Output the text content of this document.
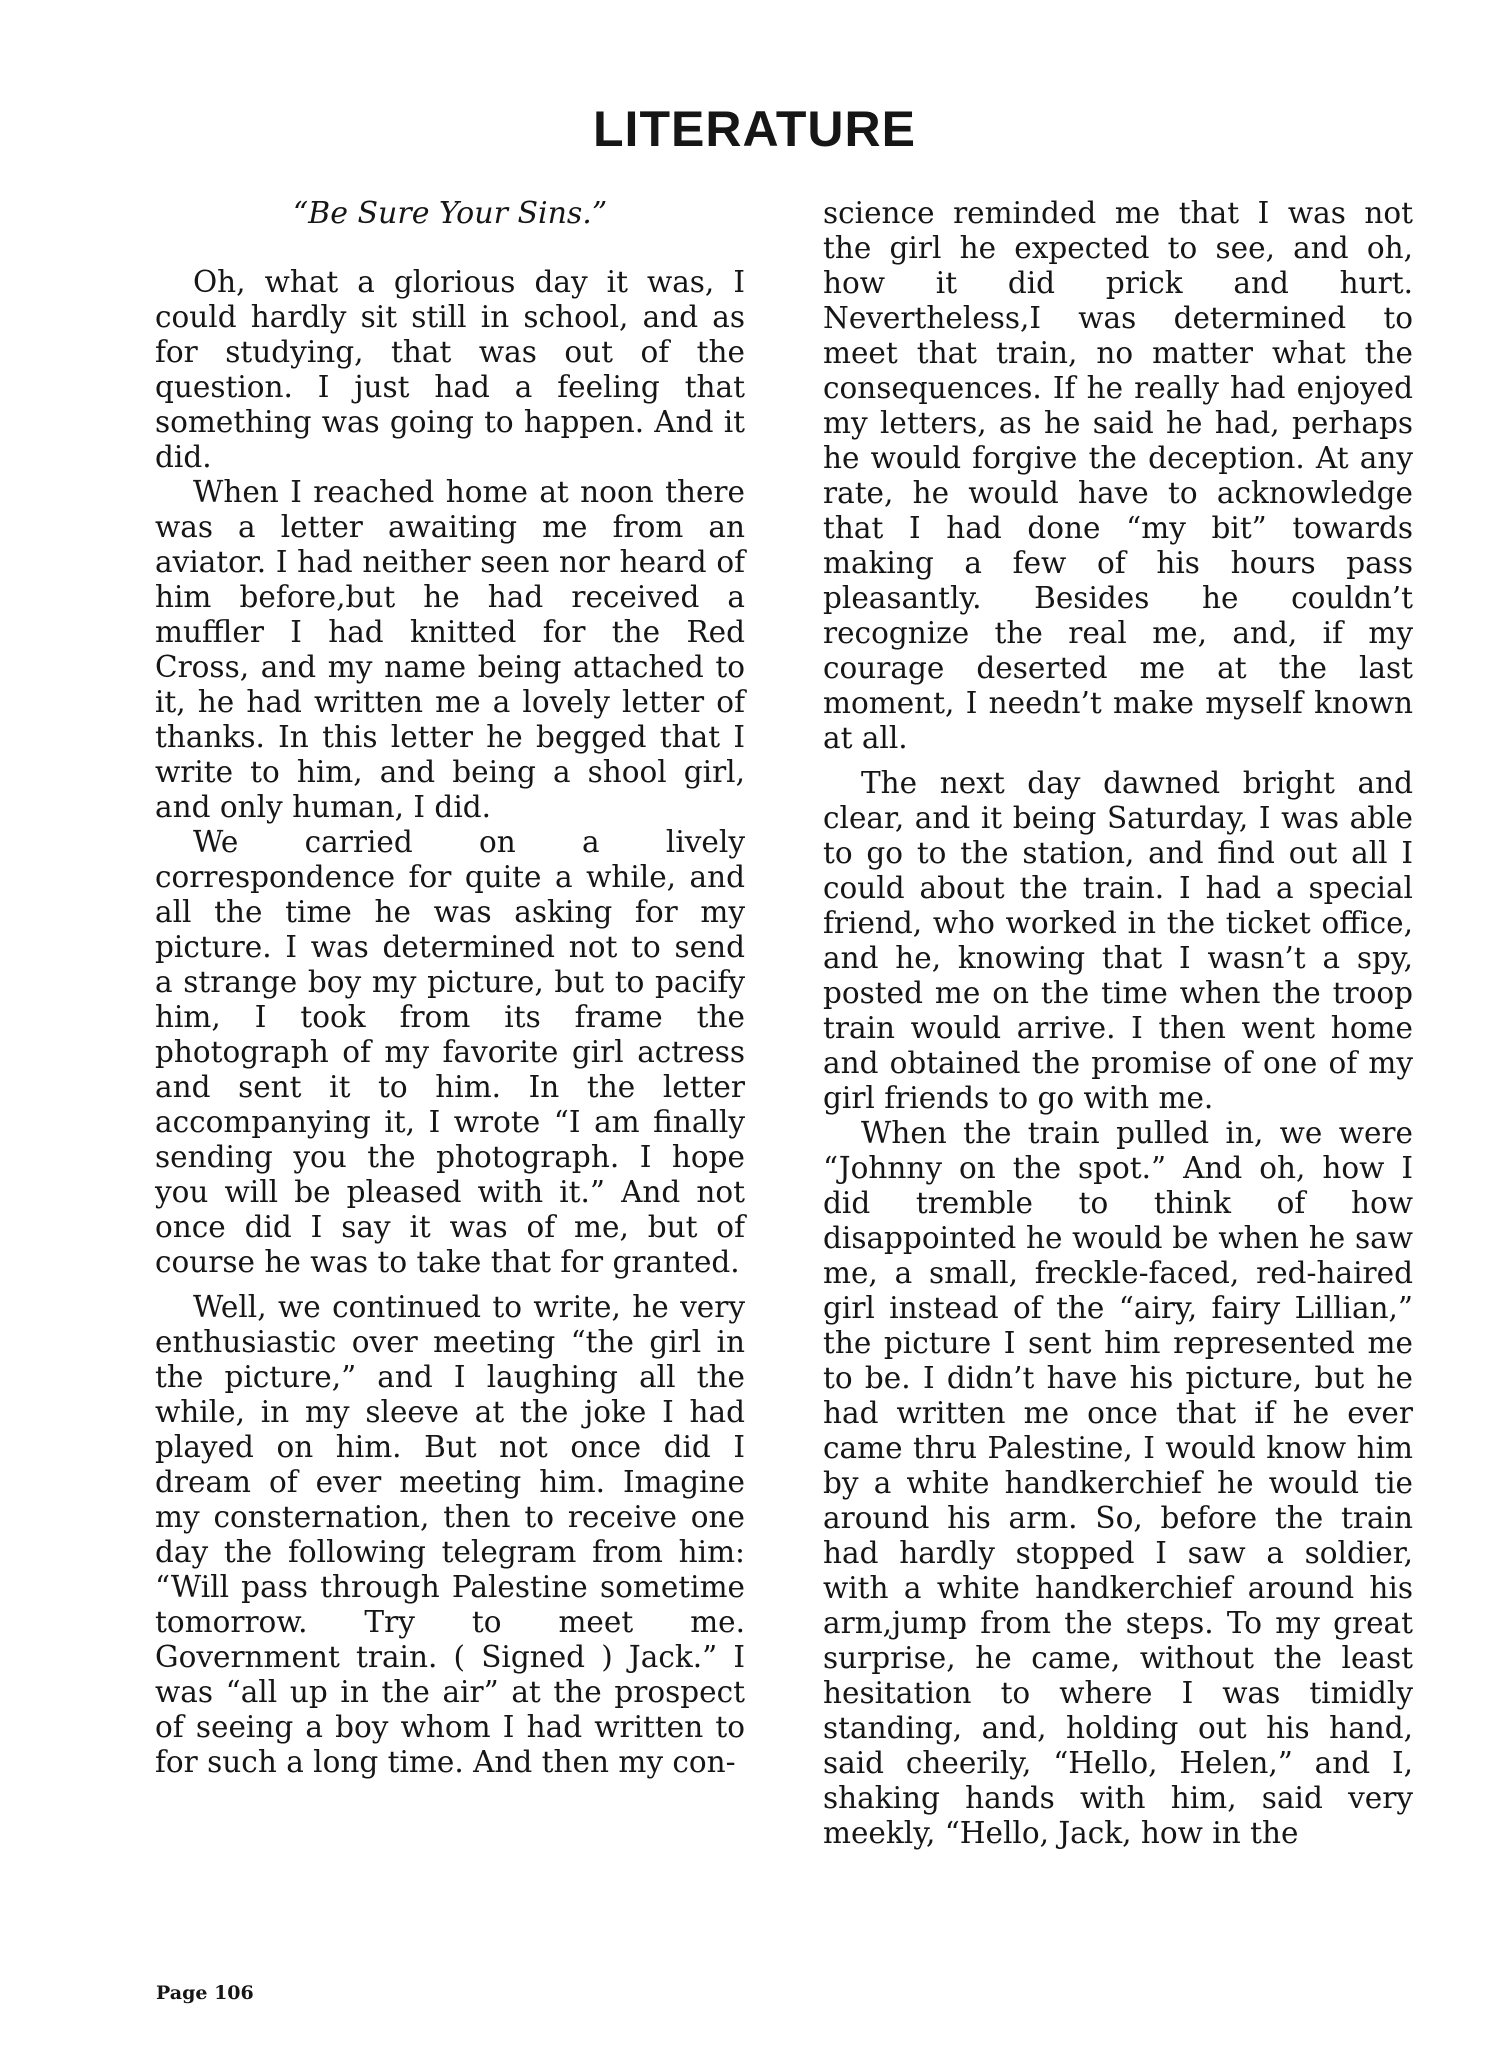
LITERATURE
“Be Sure Your Sins.”

Oh, what a glorious day it was, I could hardly sit still in school, and as for studying, that was out of the question. I just had a feeling that something was going to happen. And it did.

When I reached home at noon there was a letter awaiting me from an aviator. I had neither seen nor heard of him before,but he had received a muffler I had knitted for the Red Cross, and my name being attached to it, he had written me a lovely letter of thanks. In this letter he begged that I write to him, and being a shool girl, and only human, I did.

We carried on a lively correspondence for quite a while, and all the time he was asking for my picture. I was determined not to send a strange boy my picture, but to pacify him, I took from its frame the photograph of my favorite girl actress and sent it to him. In the letter accompanying it, I wrote “I am finally sending you the photograph. I hope you will be pleased with it.” And not once did I say it was of me, but of course he was to take that for granted.

Well, we continued to write, he very enthusiastic over meeting “the girl in the picture,” and I laughing all the while, in my sleeve at the joke I had played on him. But not once did I dream of ever meeting him. Imagine my consternation, then to receive one day the following telegram from him: “Will pass through Palestine sometime tomorrow. Try to meet me. Government train. ( Signed ) Jack.” I was “all up in the air” at the prospect of seeing a boy whom I had written to for such a long time. And then my con-

science reminded me that I was not the girl he expected to see, and oh, how it did prick and hurt. Nevertheless,I was determined to meet that train, no matter what the consequences. If he really had enjoyed my letters, as he said he had, perhaps he would forgive the deception. At any rate, he would have to acknowledge that I had done “my bit” towards making a few of his hours pass pleasantly. Besides he couldn’t recognize the real me, and, if my courage deserted me at the last moment, I needn’t make myself known at all.

The next day dawned bright and clear, and it being Saturday, I was able to go to the station, and find out all I could about the train. I had a special friend, who worked in the ticket office, and he, knowing that I wasn’t a spy, posted me on the time when the troop train would arrive. I then went home and obtained the promise of one of my girl friends to go with me.

When the train pulled in, we were “Johnny on the spot.” And oh, how I did tremble to think of how disappointed he would be when he saw me, a small, freckle-faced, red-haired girl instead of the “airy, fairy Lillian,” the picture I sent him represented me to be. I didn’t have his picture, but he had written me once that if he ever came thru Palestine, I would know him by a white handkerchief he would tie around his arm. So, before the train had hardly stopped I saw a soldier, with a white handkerchief around his arm,jump from the steps. To my great surprise, he came, without the least hesitation to where I was timidly standing, and, holding out his hand, said cheerily, “Hello, Helen,” and I, shaking hands with him, said very meekly, “Hello, Jack, how in the

Page 106
